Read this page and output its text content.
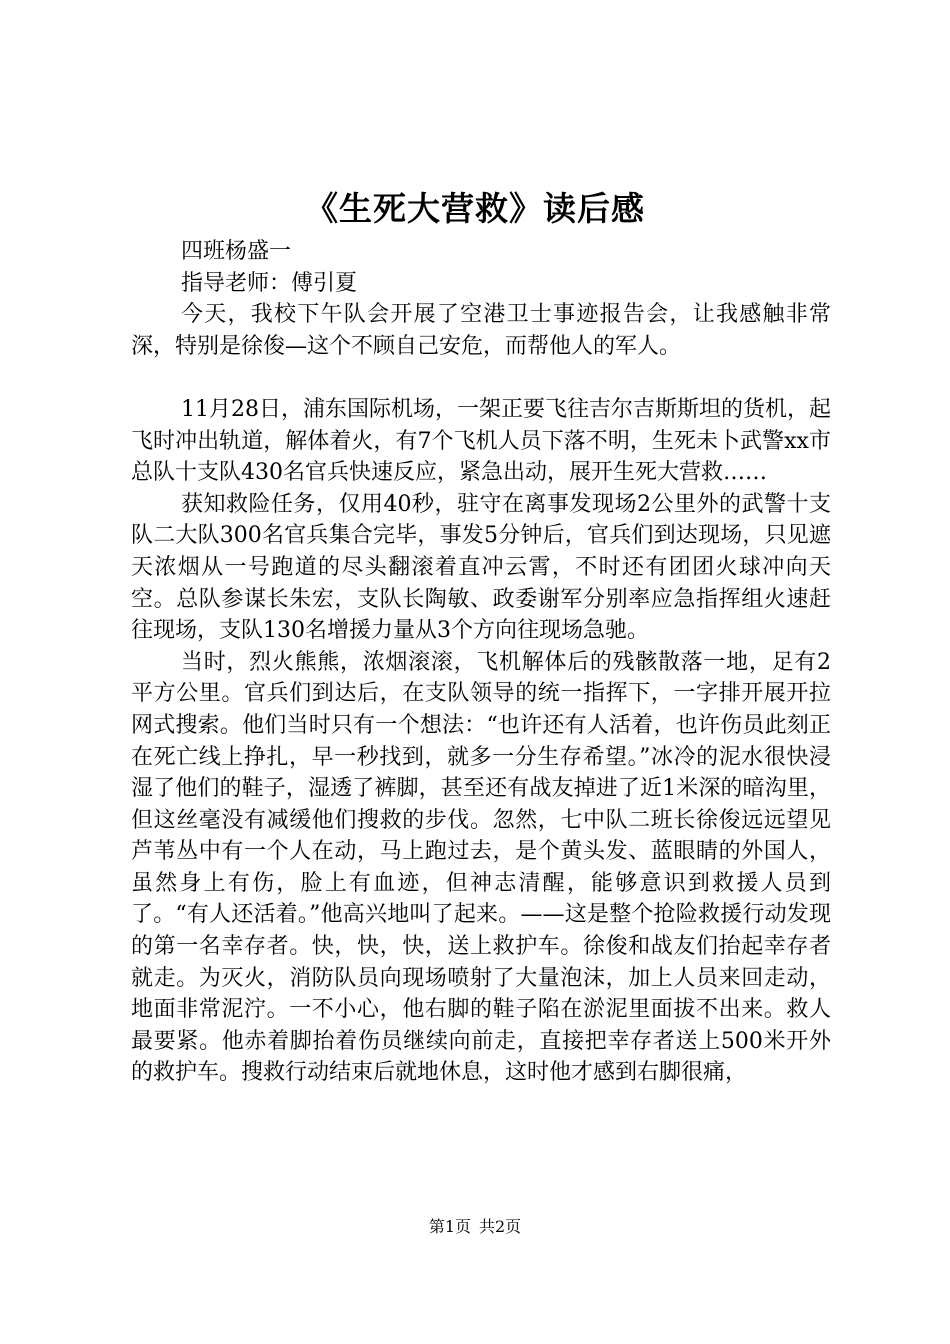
《生死大营救》读后感

四班杨盛一

指导老师：傅引夏

今天，我校下午队会开展了空港卫士事迹报告会，让我感触非常深，特别是徐俊—这个不顾自己安危，而帮他人的军人。

11月28日，浦东国际机场，一架正要飞往吉尔吉斯斯坦的货机，起飞时冲出轨道，解体着火，有7个飞机人员下落不明，生死未卜武警xx市总队十支队430名官兵快速反应，紧急出动，展开生死大营救……

获知救险任务，仅用40秒，驻守在离事发现场2公里外的武警十支队二大队300名官兵集合完毕，事发5分钟后，官兵们到达现场，只见遮天浓烟从一号跑道的尽头翻滚着直冲云霄，不时还有团团火球冲向天空。总队参谋长朱宏，支队长陶敏、政委谢军分别率应急指挥组火速赶往现场，支队130名增援力量从3个方向往现场急驰。

当时，烈火熊熊，浓烟滚滚，飞机解体后的残骸散落一地，足有2平方公里。官兵们到达后，在支队领导的统一指挥下，一字排开展开拉网式搜索。他们当时只有一个想法：“也许还有人活着，也许伤员此刻正在死亡线上挣扎，早一秒找到，就多一分生存希望。”冰冷的泥水很快浸湿了他们的鞋子，湿透了裤脚，甚至还有战友掉进了近1米深的暗沟里，但这丝毫没有减缓他们搜救的步伐。忽然，七中队二班长徐俊远远望见芦苇丛中有一个人在动，马上跑过去，是个黄头发、蓝眼睛的外国人，虽然身上有伤，脸上有血迹，但神志清醒，能够意识到救援人员到了。“有人还活着。”他高兴地叫了起来。——这是整个抢险救援行动发现的第一名幸存者。快，快，快，送上救护车。徐俊和战友们抬起幸存者就走。为灭火，消防队员向现场喷射了大量泡沫，加上人员来回走动，地面非常泥泞。一不小心，他右脚的鞋子陷在淤泥里面拔不出来。救人最要紧。他赤着脚抬着伤员继续向前走，直接把幸存者送上500米开外的救护车。搜救行动结束后就地休息，这时他才感到右脚很痛，

第1页 共2页
